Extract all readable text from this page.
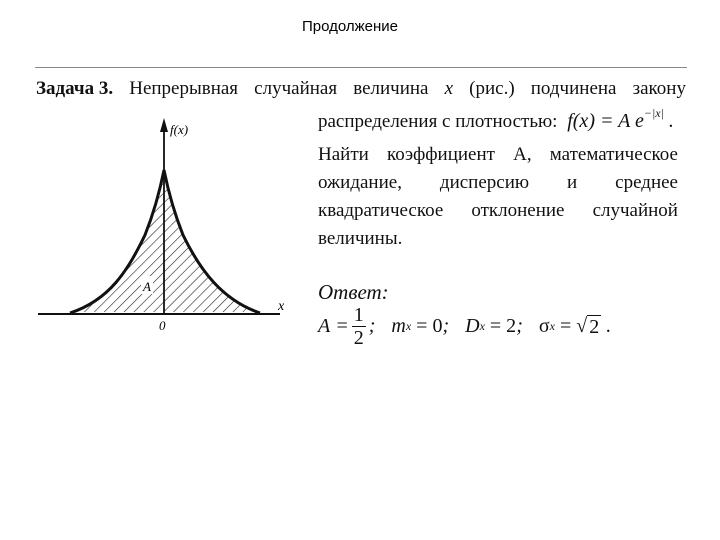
Продолжение
Задача 3. Непрерывная случайная величина x (рис.) подчинена закону
распределения с плотностью: f(x) = A $e^{-|x|}$ .
Найти коэффициент А, математическое
ожидание, дисперсию и среднее
квадратическое отклонение случайной
величины.
Ответ:
$A = \frac{1}{2}$ ; m x
= 0 ; D x
= 2 ; σ x
= √ 2
.
f(x)
x
0
A
